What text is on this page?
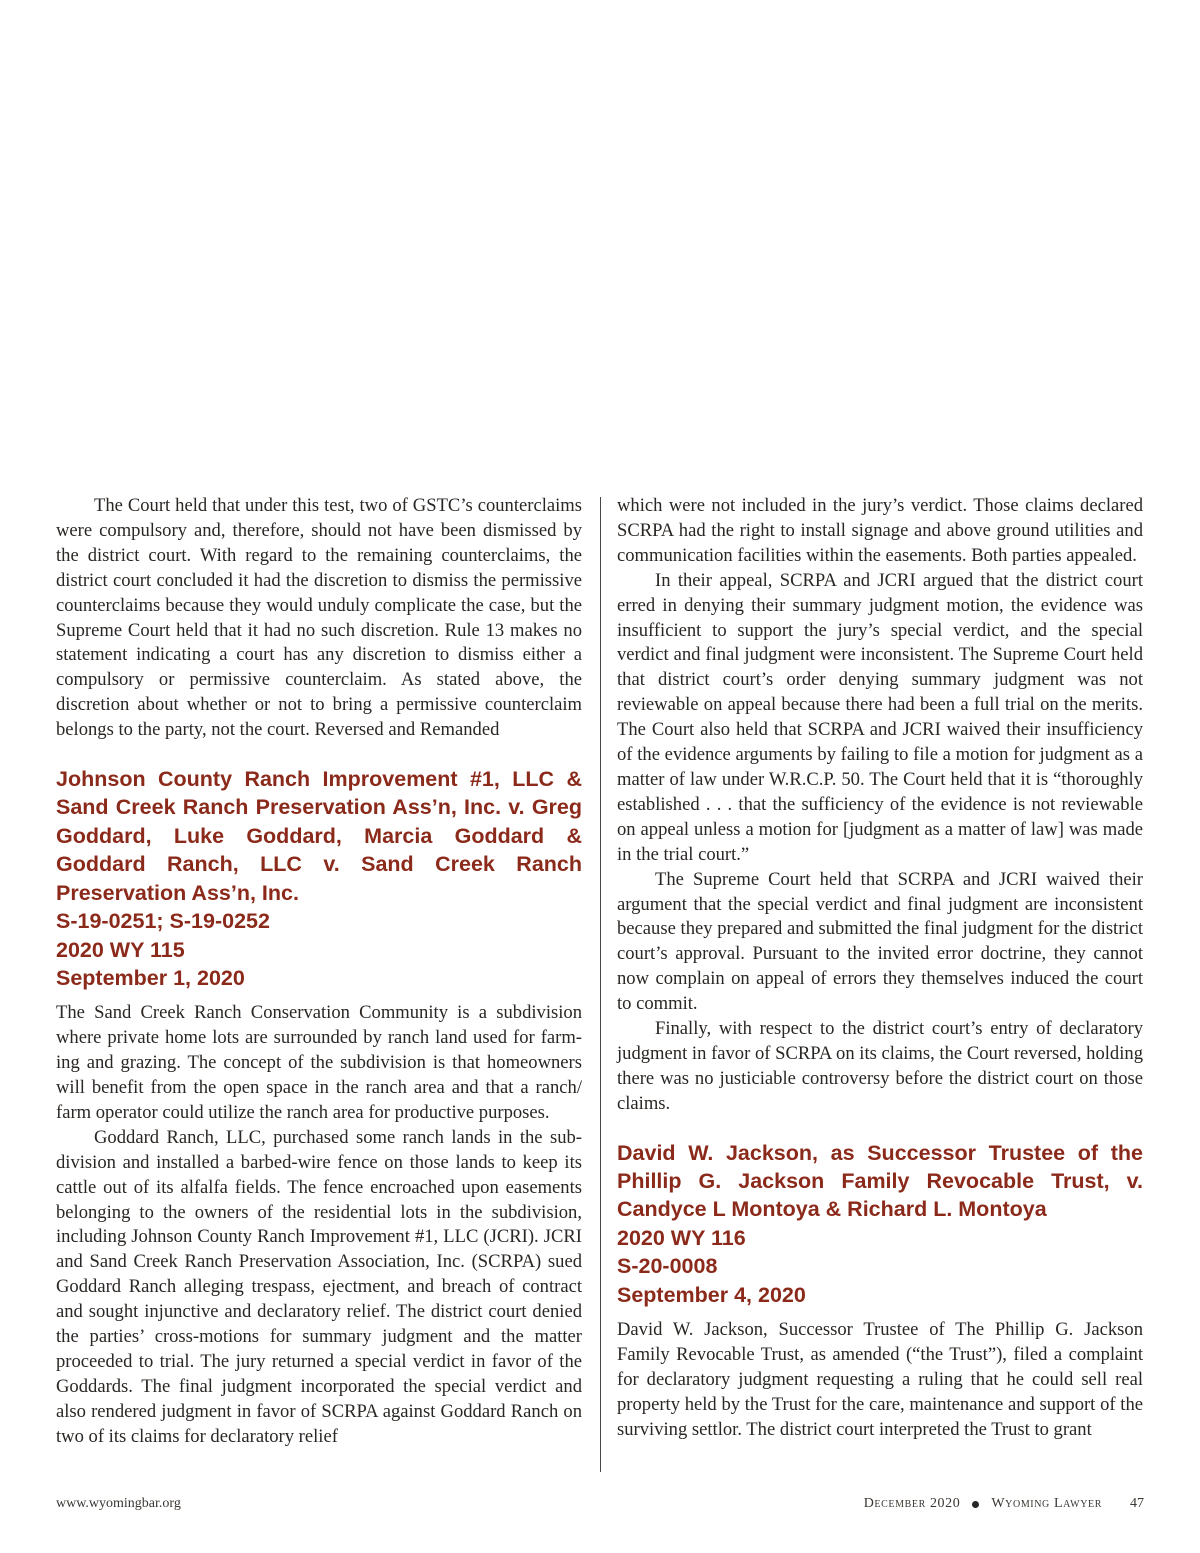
The Court held that under this test, two of GSTC’s counterclaims were compulsory and, therefore, should not have been dismissed by the district court. With regard to the remaining counterclaims, the district court concluded it had the discretion to dismiss the permissive counterclaims because they would unduly complicate the case, but the Supreme Court held that it had no such discretion. Rule 13 makes no statement indicating a court has any discretion to dismiss either a compulsory or permissive counterclaim. As stated above, the discretion about whether or not to bring a permissive counterclaim belongs to the party, not the court. Reversed and Remanded

Johnson County Ranch Improvement #1, LLC & Sand Creek Ranch Preservation Ass’n, Inc. v. Greg Goddard, Luke Goddard, Marcia Goddard & Goddard Ranch, LLC v. Sand Creek Ranch Preservation Ass’n, Inc.

S-19-0251; S-19-0252

2020 WY 115

September 1, 2020

The Sand Creek Ranch Conservation Community is a subdivision where private home lots are surrounded by ranch land used for farming and grazing. The concept of the subdivision is that homeowners will benefit from the open space in the ranch area and that a ranch/ farm operator could utilize the ranch area for productive purposes.

Goddard Ranch, LLC, purchased some ranch lands in the subdivision and installed a barbed-wire fence on those lands to keep its cattle out of its alfalfa fields. The fence encroached upon easements belonging to the owners of the residential lots in the subdivision, including Johnson County Ranch Improvement #1, LLC (JCRI). JCRI and Sand Creek Ranch Preservation Association, Inc. (SCRPA) sued Goddard Ranch alleging trespass, ejectment, and breach of contract and sought injunctive and declaratory relief. The district court denied the parties’ cross-motions for summary judgment and the matter proceeded to trial. The jury returned a special verdict in favor of the Goddards. The final judgment incorporated the special verdict and also rendered judgment in favor of SCRPA against Goddard Ranch on two of its claims for declaratory relief

which were not included in the jury’s verdict. Those claims declared SCRPA had the right to install signage and above ground utilities and communication facilities within the easements. Both parties appealed.

In their appeal, SCRPA and JCRI argued that the district court erred in denying their summary judgment motion, the evidence was insufficient to support the jury’s special verdict, and the special verdict and final judgment were inconsistent. The Supreme Court held that district court’s order denying summary judgment was not reviewable on appeal because there had been a full trial on the merits. The Court also held that SCRPA and JCRI waived their insufficiency of the evidence arguments by failing to file a motion for judgment as a matter of law under W.R.C.P. 50. The Court held that it is “thoroughly established . . . that the sufficiency of the evidence is not reviewable on appeal unless a motion for [judgment as a matter of law] was made in the trial court.”

The Supreme Court held that SCRPA and JCRI waived their argument that the special verdict and final judgment are inconsistent because they prepared and submitted the final judgment for the district court’s approval. Pursuant to the invited error doctrine, they cannot now complain on appeal of errors they themselves induced the court to commit.

Finally, with respect to the district court’s entry of declaratory judgment in favor of SCRPA on its claims, the Court reversed, holding there was no justiciable controversy before the district court on those claims.

David W. Jackson, as Successor Trustee of the Phillip G. Jackson Family Revocable Trust, v. Candyce L Montoya & Richard L. Montoya

2020 WY 116

S-20-0008

September 4, 2020

David W. Jackson, Successor Trustee of The Phillip G. Jackson Family Revocable Trust, as amended (“the Trust”), filed a complaint for declaratory judgment requesting a ruling that he could sell real property held by the Trust for the care, maintenance and support of the surviving settlor. The district court interpreted the Trust to grant

www.wyomingbar.org	December 2020 Wyoming Lawyer 47
